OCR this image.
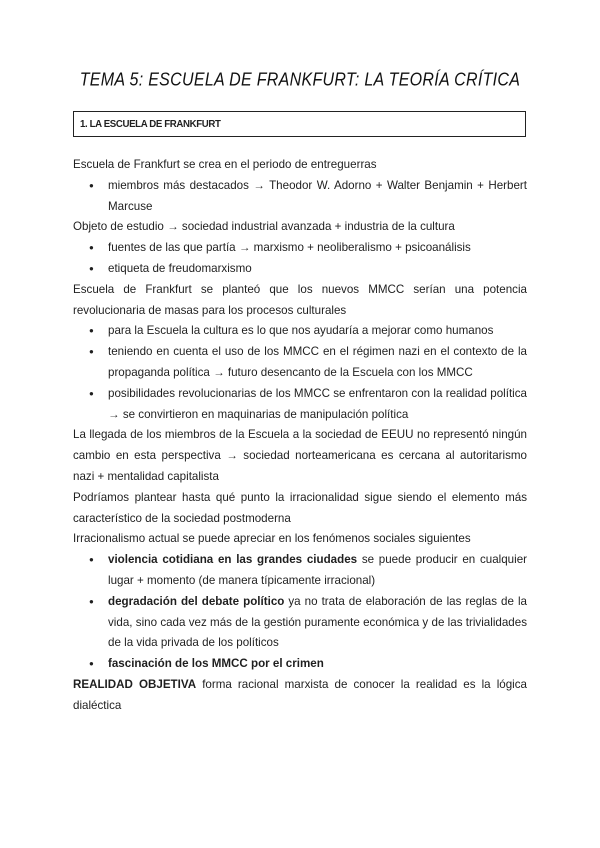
TEMA 5: ESCUELA DE FRANKFURT: LA TEORÍA CRÍTICA
1. LA ESCUELA DE FRANKFURT
Escuela de Frankfurt se crea en el periodo de entreguerras
● miembros más destacados → Theodor W. Adorno + Walter Benjamin + Herbert Marcuse
Objeto de estudio → sociedad industrial avanzada + industria de la cultura
● fuentes de las que partía → marxismo + neoliberalismo + psicoanálisis
● etiqueta de freudomarxismo
Escuela de Frankfurt se planteó que los nuevos MMCC serían una potencia revolucionaria de masas para los procesos culturales
● para la Escuela la cultura es lo que nos ayudaría a mejorar como humanos
● teniendo en cuenta el uso de los MMCC en el régimen nazi en el contexto de la propaganda política → futuro desencanto de la Escuela con los MMCC
● posibilidades revolucionarias de los MMCC se enfrentaron con la realidad política → se convirtieron en maquinarias de manipulación política
La llegada de los miembros de la Escuela a la sociedad de EEUU no representó ningún cambio en esta perspectiva → sociedad norteamericana es cercana al autoritarismo nazi + mentalidad capitalista
Podríamos plantear hasta qué punto la irracionalidad sigue siendo el elemento más característico de la sociedad postmoderna
Irracionalismo actual se puede apreciar en los fenómenos sociales siguientes
● violencia cotidiana en las grandes ciudades se puede producir en cualquier lugar + momento (de manera típicamente irracional)
● degradación del debate político ya no trata de elaboración de las reglas de la vida, sino cada vez más de la gestión puramente económica y de las trivialidades de la vida privada de los políticos
● fascinación de los MMCC por el crimen
REALIDAD OBJETIVA forma racional marxista de conocer la realidad es la lógica dialéctica
